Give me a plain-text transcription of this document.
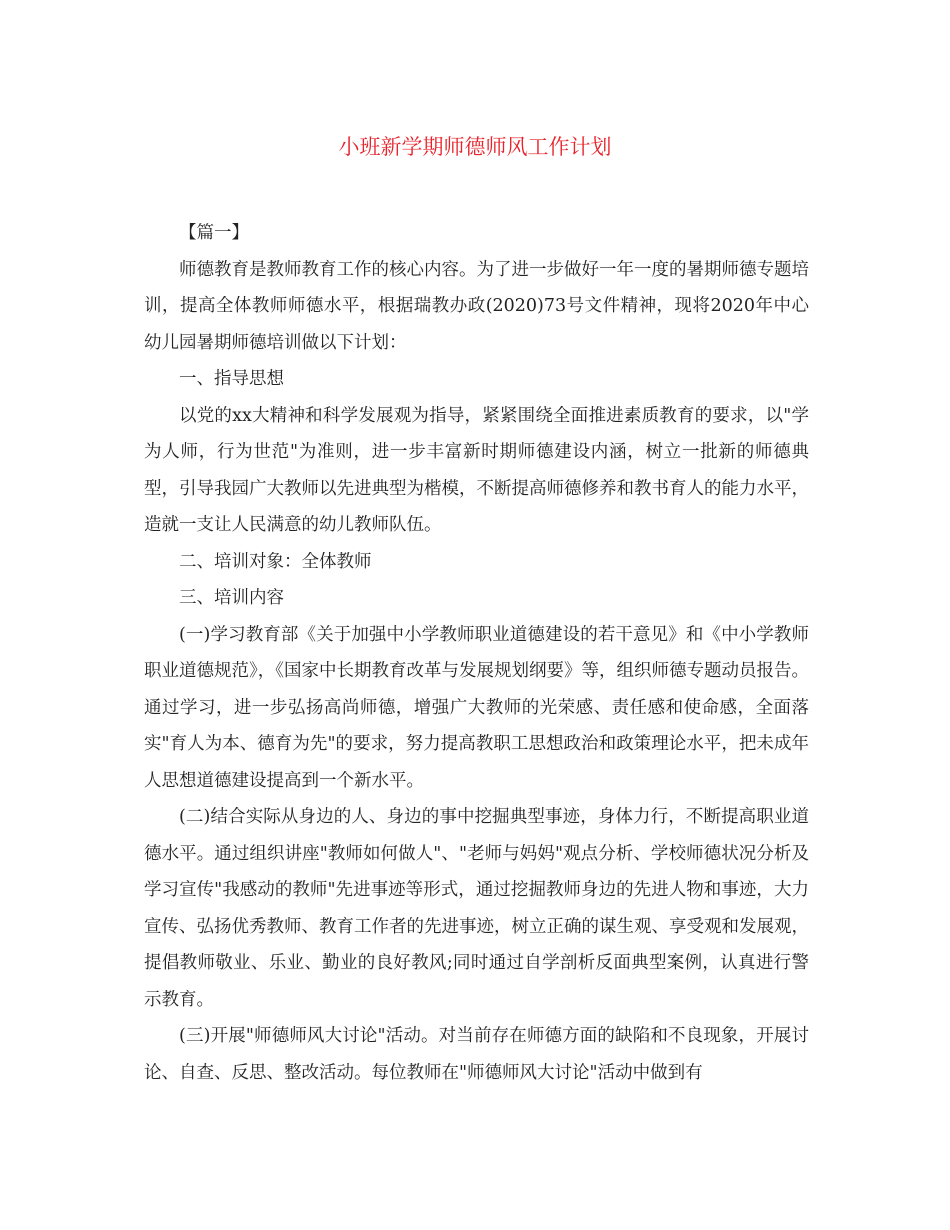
小班新学期师德师风工作计划

【篇一】

师德教育是教师教育工作的核心内容。为了进一步做好一年一度的暑期师德专题培训，提高全体教师师德水平，根据瑞教办政(2020)73号文件精神，现将2020年中心幼儿园暑期师德培训做以下计划：

一、指导思想

以党的xx大精神和科学发展观为指导，紧紧围绕全面推进素质教育的要求，以"学为人师，行为世范"为准则，进一步丰富新时期师德建设内涵，树立一批新的师德典型，引导我园广大教师以先进典型为楷模，不断提高师德修养和教书育人的能力水平，造就一支让人民满意的幼儿教师队伍。

二、培训对象：全体教师

三、培训内容

(一)学习教育部《关于加强中小学教师职业道德建设的若干意见》和《中小学教师职业道德规范》，《国家中长期教育改革与发展规划纲要》等，组织师德专题动员报告。通过学习，进一步弘扬高尚师德，增强广大教师的光荣感、责任感和使命感，全面落实"育人为本、德育为先"的要求，努力提高教职工思想政治和政策理论水平，把未成年人思想道德建设提高到一个新水平。

(二)结合实际从身边的人、身边的事中挖掘典型事迹，身体力行，不断提高职业道德水平。通过组织讲座"教师如何做人"、"老师与妈妈"观点分析、学校师德状况分析及学习宣传"我感动的教师"先进事迹等形式，通过挖掘教师身边的先进人物和事迹，大力宣传、弘扬优秀教师、教育工作者的先进事迹，树立正确的谋生观、享受观和发展观，提倡教师敬业、乐业、勤业的良好教风;同时通过自学剖析反面典型案例，认真进行警示教育。

(三)开展"师德师风大讨论"活动。对当前存在师德方面的缺陷和不良现象，开展讨论、自查、反思、整改活动。每位教师在"师德师风大讨论"活动中做到有
